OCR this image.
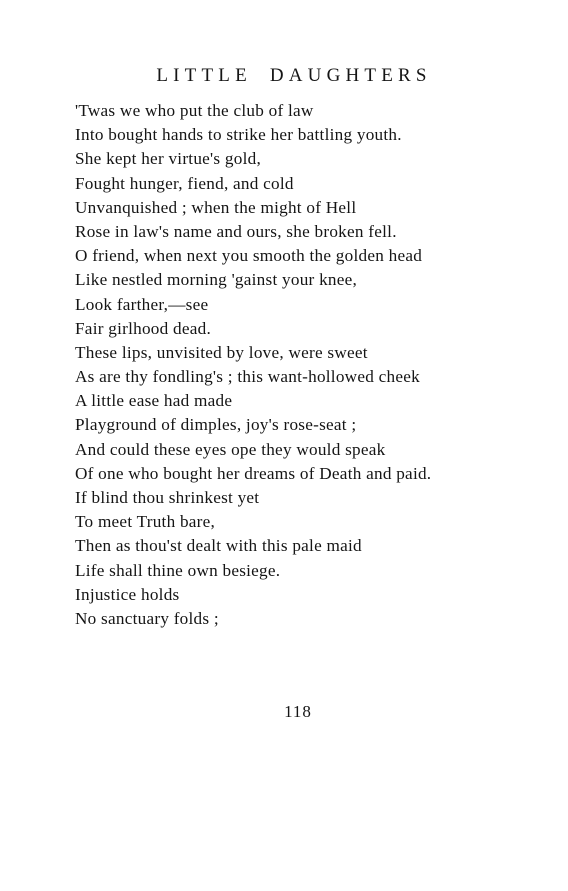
LITTLE DAUGHTERS
'Twas we who put the club of law
Into bought hands to strike her battling youth.
She kept her virtue's gold,
Fought hunger, fiend, and cold
Unvanquished ; when the might of Hell
Rose in law's name and ours, she broken fell.
O friend, when next you smooth the golden head
Like nestled morning 'gainst your knee,
Look farther,—see
Fair girlhood dead.
These lips, unvisited by love, were sweet
As are thy fondling's ; this want-hollowed cheek
A little ease had made
Playground of dimples, joy's rose-seat ;
And could these eyes ope they would speak
Of one who bought her dreams of Death and paid.
If blind thou shrinkest yet
To meet Truth bare,
Then as thou'st dealt with this pale maid
Life shall thine own besiege.
Injustice holds
No sanctuary folds ;
118
